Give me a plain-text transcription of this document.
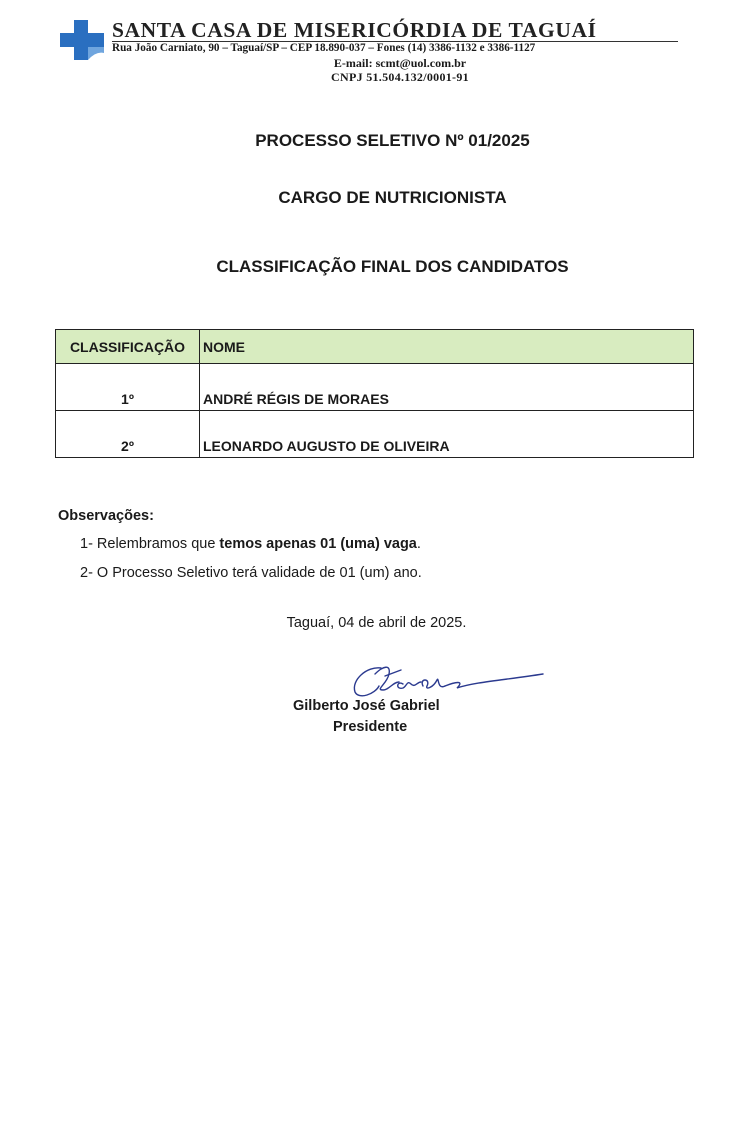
SANTA CASA DE MISERICÓRDIA DE TAGUAÍ
Rua João Carniato, 90 – Taguaí/SP – CEP 18.890-037 – Fones (14) 3386-1132 e 3386-1127
E-mail: scmt@uol.com.br
CNPJ 51.504.132/0001-91
PROCESSO SELETIVO Nº 01/2025
CARGO DE NUTRICIONISTA
CLASSIFICAÇÃO FINAL DOS CANDIDATOS
CLASSIFICAÇÃO	NOME
1º	ANDRÉ RÉGIS DE MORAES
2º	LEONARDO AUGUSTO DE OLIVEIRA
Observações:
1- Relembramos que temos apenas 01 (uma) vaga.
2- O Processo Seletivo terá validade de 01 (um) ano.
Taguaí, 04 de abril de 2025.
Gilberto José Gabriel
Presidente
